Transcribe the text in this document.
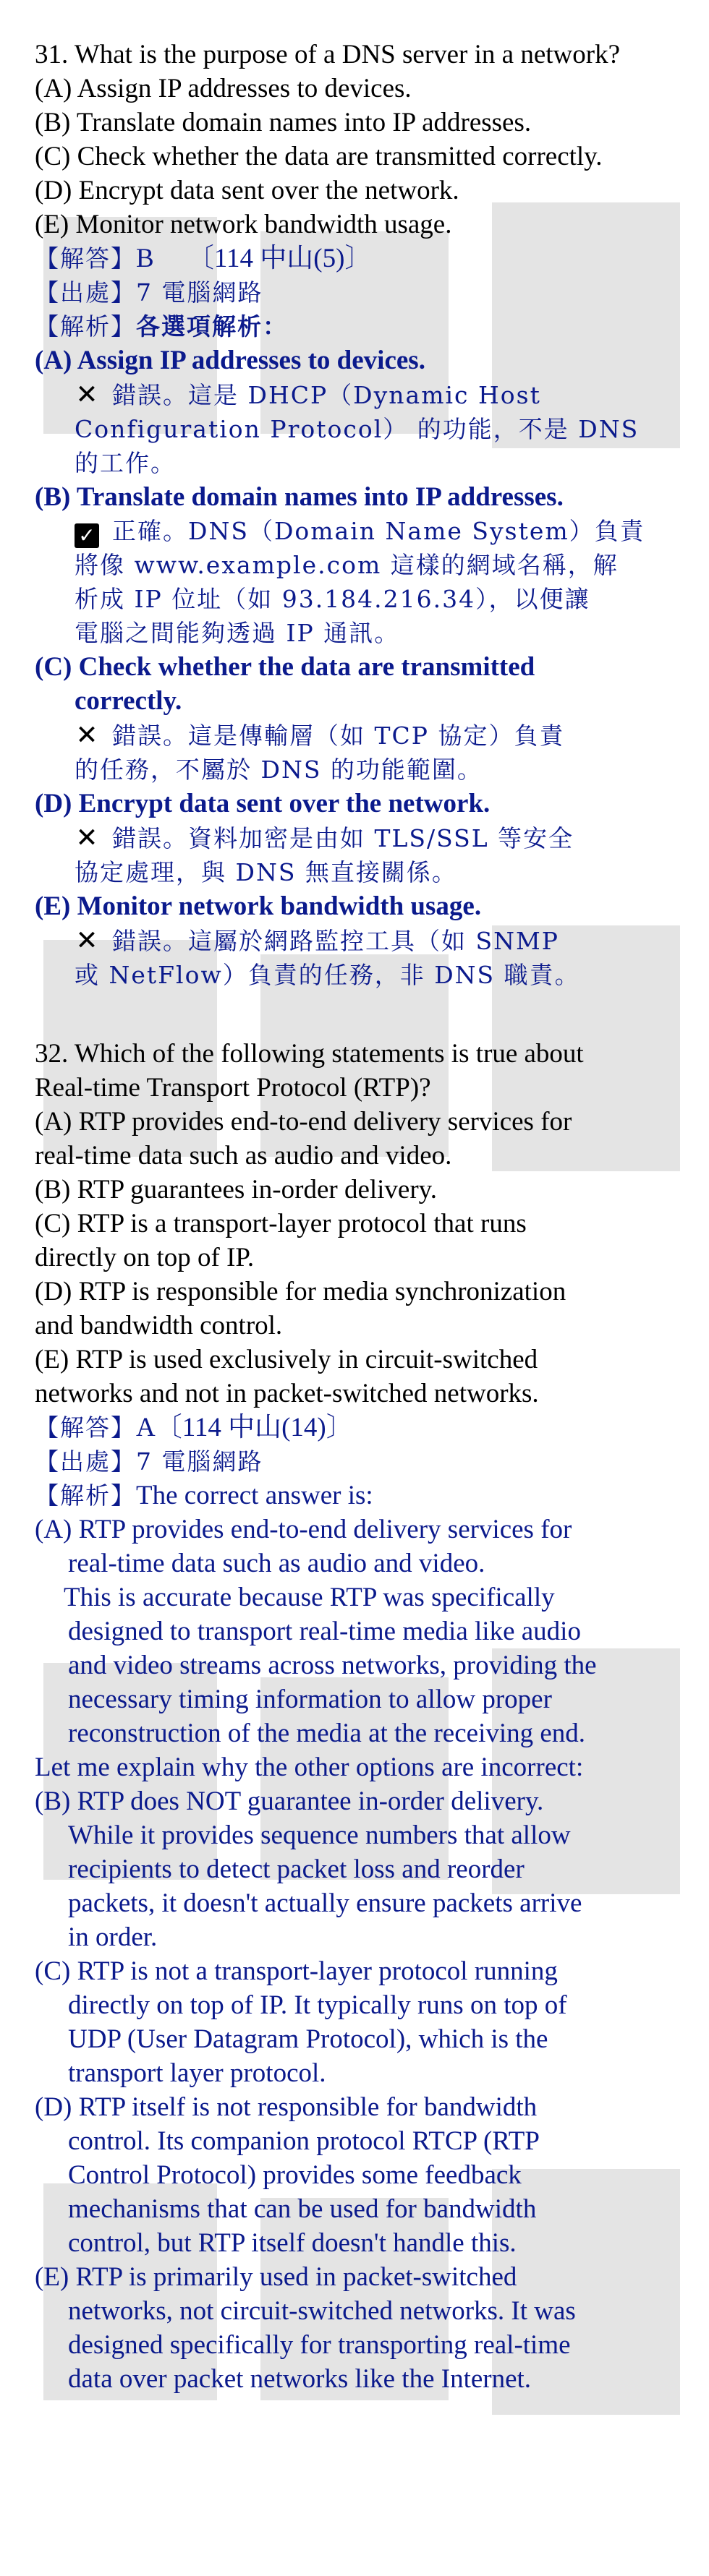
31. What is the purpose of a DNS server in a network?

(A) Assign IP addresses to devices.

(B) Translate domain names into IP addresses.

(C) Check whether the data are transmitted correctly.

(D) Encrypt data sent over the network.

(E) Monitor network bandwidth usage.

【解答】B　 〔114 中山(5)〕

【出處】7 電腦網路

【解析】各選項解析：

(A) Assign IP addresses to devices.

✕ 錯誤。這是 DHCP（Dynamic Host

Configuration Protocol） 的功能，不是 DNS

的工作。

(B) Translate domain names into IP addresses.

✓ 正確。DNS（Domain Name System）負責

將像 www.example.com 這樣的網域名稱，解

析成 IP 位址（如 93.184.216.34），以便讓

電腦之間能夠透過 IP 通訊。

(C) Check whether the data are transmitted

correctly.

✕ 錯誤。這是傳輸層（如 TCP 協定）負責

的任務，不屬於 DNS 的功能範圍。

(D) Encrypt data sent over the network.

✕ 錯誤。資料加密是由如 TLS/SSL 等安全

協定處理，與 DNS 無直接關係。

(E) Monitor network bandwidth usage.

✕ 錯誤。這屬於網路監控工具（如 SNMP

或 NetFlow）負責的任務，非 DNS 職責。

32. Which of the following statements is true about

Real-time Transport Protocol (RTP)?

(A) RTP provides end-to-end delivery services for

real-time data such as audio and video.

(B) RTP guarantees in-order delivery.

(C) RTP is a transport-layer protocol that runs

directly on top of IP.

(D) RTP is responsible for media synchronization

and bandwidth control.

(E) RTP is used exclusively in circuit-switched

networks and not in packet-switched networks.

【解答】A〔114 中山(14)〕

【出處】7 電腦網路

【解析】The correct answer is:

(A) RTP provides end-to-end delivery services for

real-time data such as audio and video.

This is accurate because RTP was specifically

designed to transport real-time media like audio

and video streams across networks, providing the

necessary timing information to allow proper

reconstruction of the media at the receiving end.

Let me explain why the other options are incorrect:

(B) RTP does NOT guarantee in-order delivery.

While it provides sequence numbers that allow

recipients to detect packet loss and reorder

packets, it doesn't actually ensure packets arrive

in order.

(C) RTP is not a transport-layer protocol running

directly on top of IP. It typically runs on top of

UDP (User Datagram Protocol), which is the

transport layer protocol.

(D) RTP itself is not responsible for bandwidth

control. Its companion protocol RTCP (RTP

Control Protocol) provides some feedback

mechanisms that can be used for bandwidth

control, but RTP itself doesn't handle this.

(E) RTP is primarily used in packet-switched

networks, not circuit-switched networks. It was

designed specifically for transporting real-time

data over packet networks like the Internet.
